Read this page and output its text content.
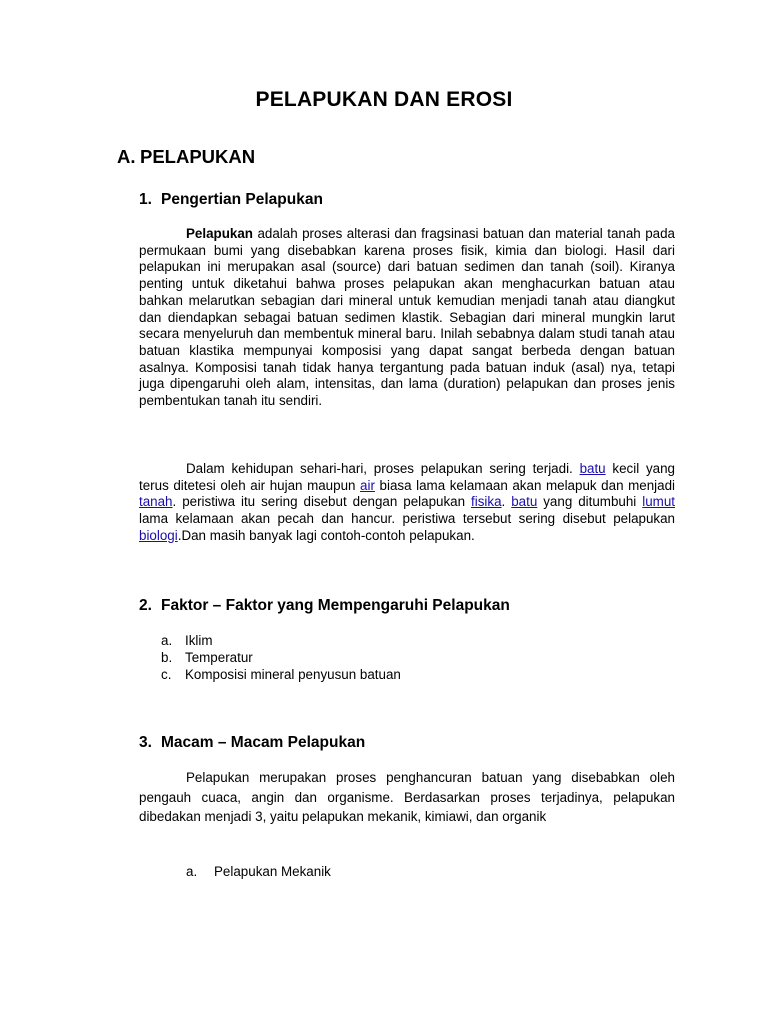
PELAPUKAN DAN EROSI
A. PELAPUKAN
1. Pengertian Pelapukan
Pelapukan adalah proses alterasi dan fragsinasi batuan dan material tanah pada permukaan bumi yang disebabkan karena proses fisik, kimia dan biologi. Hasil dari pelapukan ini merupakan asal (source) dari batuan sedimen dan tanah (soil). Kiranya penting untuk diketahui bahwa proses pelapukan akan menghacurkan batuan atau bahkan melarutkan sebagian dari mineral untuk kemudian menjadi tanah atau diangkut dan diendapkan sebagai batuan sedimen klastik. Sebagian dari mineral mungkin larut secara menyeluruh dan membentuk mineral baru. Inilah sebabnya dalam studi tanah atau batuan klastika mempunyai komposisi yang dapat sangat berbeda dengan batuan asalnya. Komposisi tanah tidak hanya tergantung pada batuan induk (asal) nya, tetapi juga dipengaruhi oleh alam, intensitas, dan lama (duration) pelapukan dan proses jenis pembentukan tanah itu sendiri.
Dalam kehidupan sehari-hari, proses pelapukan sering terjadi. batu kecil yang terus ditetesi oleh air hujan maupun air biasa lama kelamaan akan melapuk dan menjadi tanah. peristiwa itu sering disebut dengan pelapukan fisika. batu yang ditumbuhi lumut lama kelamaan akan pecah dan hancur. peristiwa tersebut sering disebut pelapukan biologi.Dan masih banyak lagi contoh-contoh pelapukan.
2. Faktor – Faktor yang Mempengaruhi Pelapukan
a. Iklim
b. Temperatur
c. Komposisi mineral penyusun batuan
3. Macam – Macam Pelapukan
Pelapukan merupakan proses penghancuran batuan yang disebabkan oleh pengauh cuaca, angin dan organisme. Berdasarkan proses terjadinya, pelapukan dibedakan menjadi 3, yaitu pelapukan mekanik, kimiawi, dan organik
a. Pelapukan Mekanik
